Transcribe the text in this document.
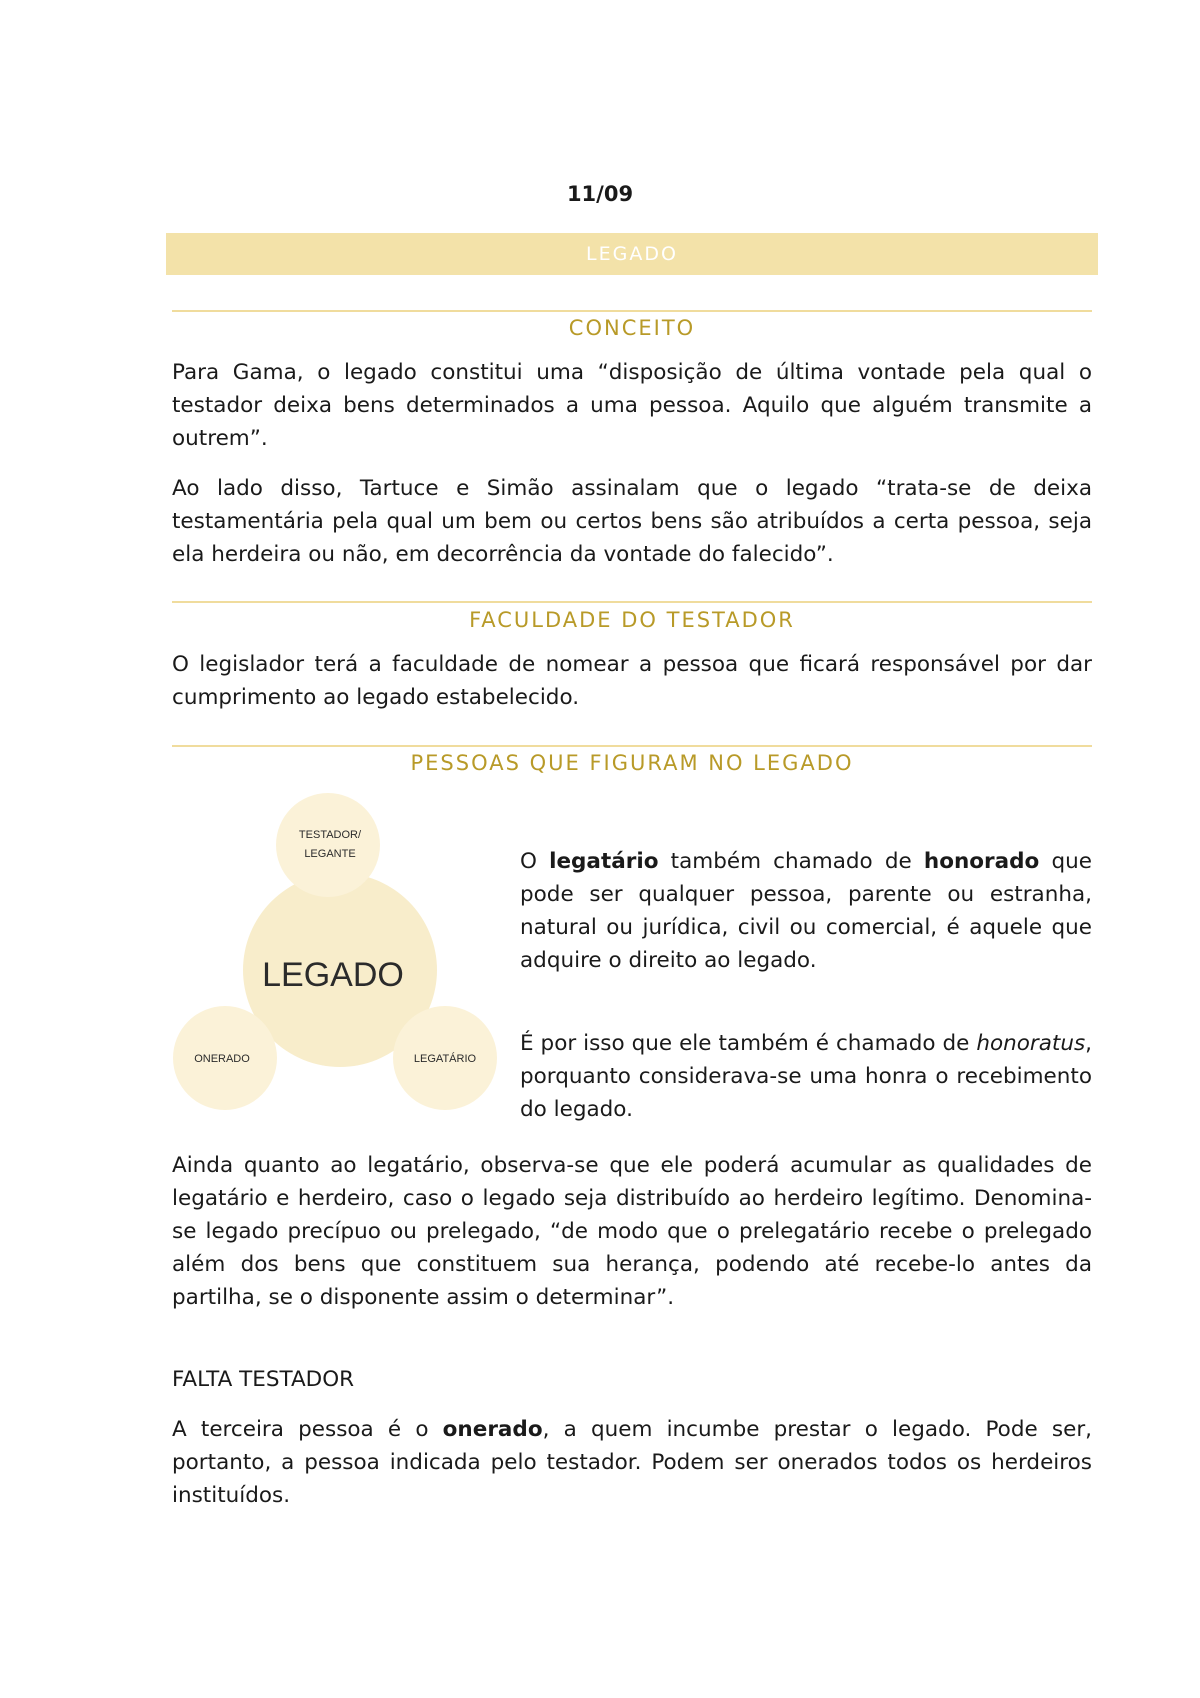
11/09
LEGADO
CONCEITO
Para Gama, o legado constitui uma “disposição de última vontade pela qual o testador deixa bens determinados a uma pessoa. Aquilo que alguém transmite a outrem”.
Ao lado disso, Tartuce e Simão assinalam que o legado “trata-se de deixa testamentária pela qual um bem ou certos bens são atribuídos a certa pessoa, seja ela herdeira ou não, em decorrência da vontade do falecido”.
FACULDADE DO TESTADOR
O legislador terá a faculdade de nomear a pessoa que ficará responsável por dar cumprimento ao legado estabelecido.
PESSOAS QUE FIGURAM NO LEGADO
LEGADO
TESTADOR/
LEGANTE
ONERADO	LEGATÁRIO
O legatário também chamado de honorado que pode ser qualquer pessoa, parente ou estranha, natural ou jurídica, civil ou comercial, é aquele que adquire o direito ao legado.
É por isso que ele também é chamado de honoratus, porquanto considerava-se uma honra o recebimento do legado.
Ainda quanto ao legatário, observa-se que ele poderá acumular as qualidades de legatário e herdeiro, caso o legado seja distribuído ao herdeiro legítimo. Denomina-se legado precípuo ou prelegado, “de modo que o prelegatário recebe o prelegado além dos bens que constituem sua herança, podendo até recebe-lo antes da partilha, se o disponente assim o determinar”.
FALTA TESTADOR
A terceira pessoa é o onerado, a quem incumbe prestar o legado. Pode ser, portanto, a pessoa indicada pelo testador. Podem ser onerados todos os herdeiros instituídos.
